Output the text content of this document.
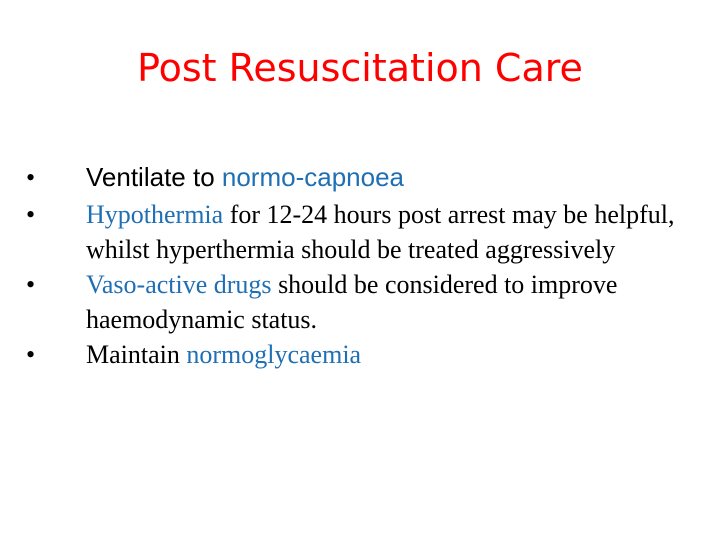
Post Resuscitation Care
•	Ventilate to normo-capnoea
•	Hypothermia for 12-24 hours post arrest may be helpful, whilst hyperthermia should be treated aggressively
•	Vaso-active drugs should be considered to improve haemodynamic status.
•	Maintain normoglycaemia
